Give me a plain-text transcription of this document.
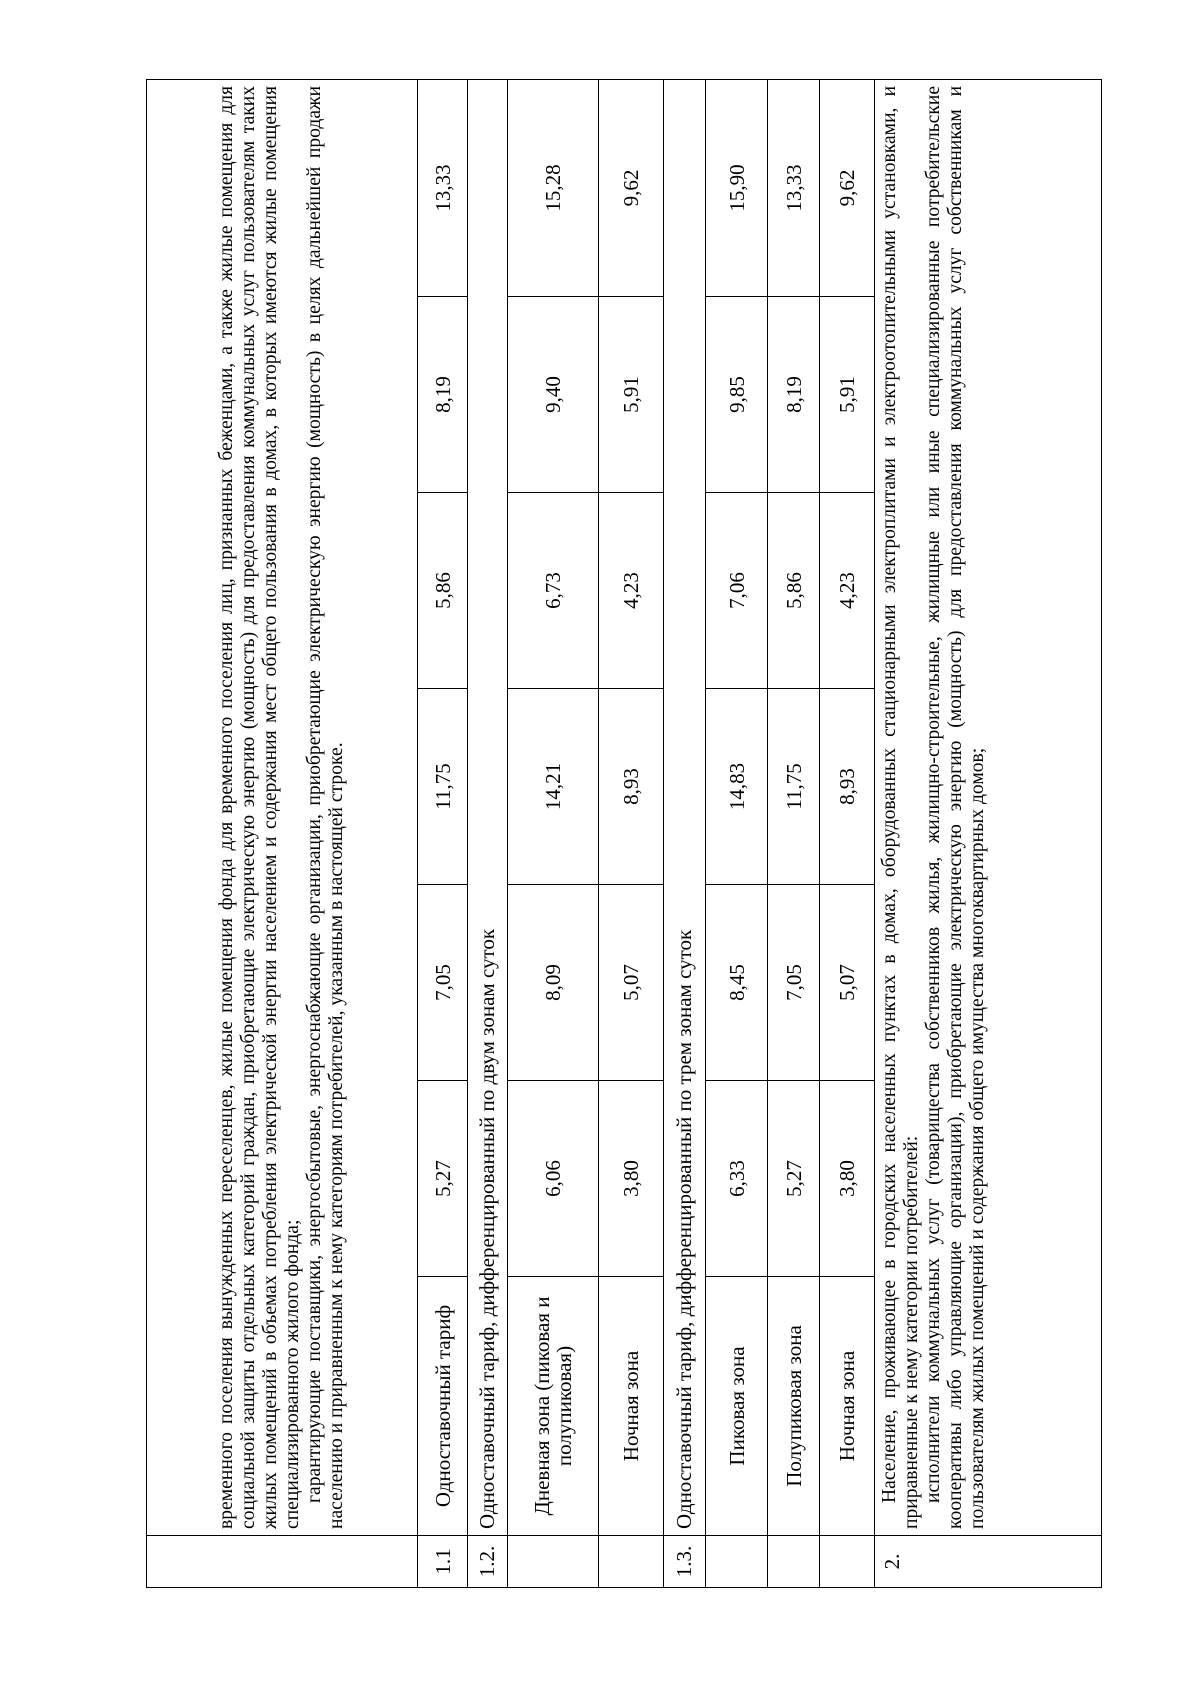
	временного поселения вынужденных переселенцев, жилые помещения фонда для временного поселения лиц, признанных беженцами, а также жилые помещения для социальной защиты отдельных категорий граждан, приобретающие электрическую энергию (мощность) для предоставления коммунальных услуг пользователям таких жилых помещений в объемах потребления электрической энергии населением и содержания мест общего пользования в домах, в которых имеются жилые помещения специализированного жилого фонда; гарантирующие поставщики, энергосбытовые, энергоснабжающие организации, приобретающие электрическую энергию (мощность) в целях дальнейшей продажи населению и приравненным к нему категориям потребителей, указанным в настоящей строке.						

1.1	Одноставочный тариф	5,27	7,05	11,75	5,86	8,19	13,33
1.2.	Одноставочный тариф, дифференцированный по двум зонам суток						
	Дневная зона (пиковая и полупиковая)	6,06	8,09	14,21	6,73	9,40	15,28
	Ночная зона	3,80	5,07	8,93	4,23	5,91	9,62
1.3.	Одноставочный тариф, дифференцированный по трем зонам суток						
	Пиковая зона	6,33	8,45	14,83	7,06	9,85	15,90
	Полупиковая зона	5,27	7,05	11,75	5,86	8,19	13,33
	Ночная зона	3,80	5,07	8,93	4,23	5,91	9,62
2.	Население, проживающее в городских населенных пунктах в домах, оборудованных стационарными электроплитами и электроотопительными установками, и приравненные к нему категории потребителей: исполнители коммунальных услуг (товарищества собственников жилья, жилищно-строительные, жилищные или иные специализированные потребительские кооперативы либо управляющие организации), приобретающие электрическую энергию (мощность) для предоставления коммунальных услуг собственникам и пользователям жилых помещений и содержания общего имущества многоквартирных домов;						
